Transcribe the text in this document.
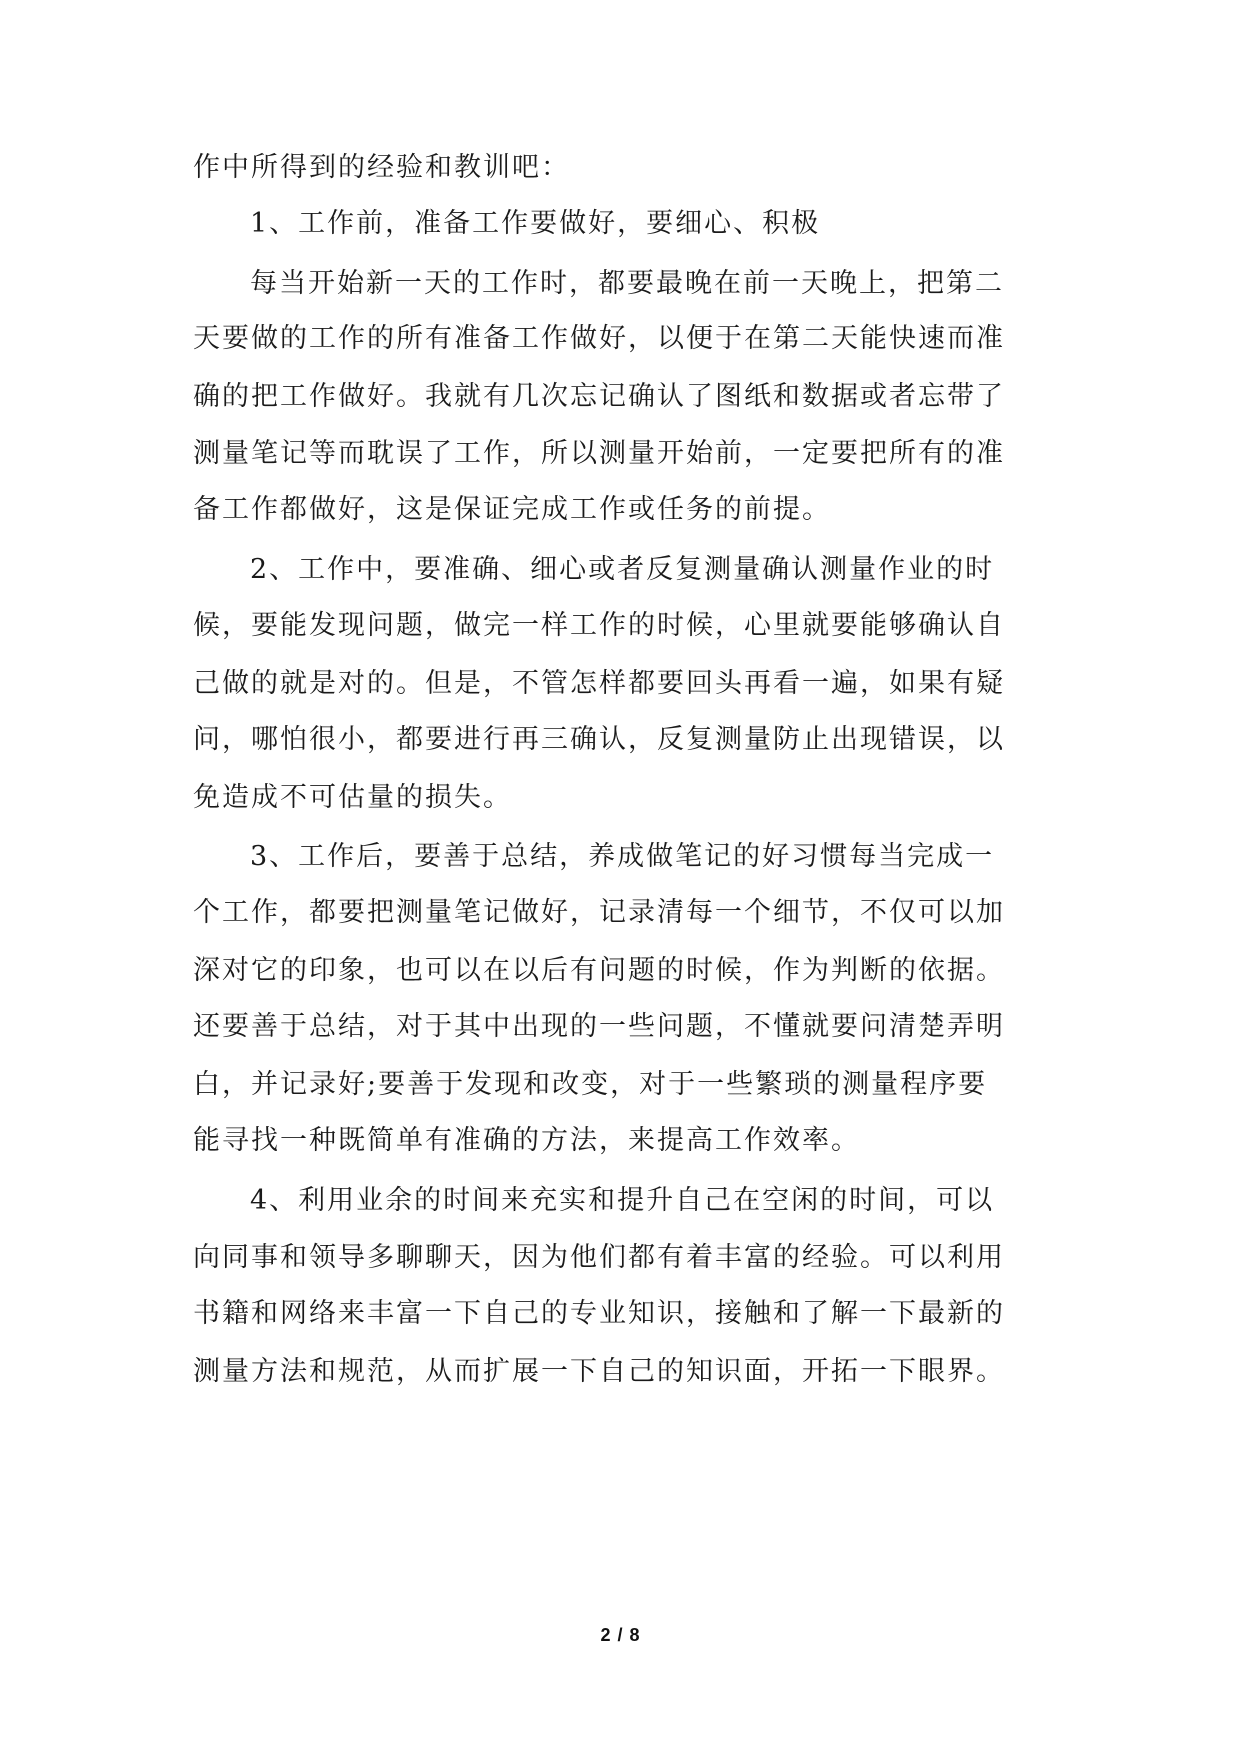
作中所得到的经验和教训吧：
1、工作前，准备工作要做好，要细心、积极
每当开始新一天的工作时，都要最晚在前一天晚上，把第二
天要做的工作的所有准备工作做好，以便于在第二天能快速而准
确的把工作做好。我就有几次忘记确认了图纸和数据或者忘带了
测量笔记等而耽误了工作，所以测量开始前，一定要把所有的准
备工作都做好，这是保证完成工作或任务的前提。
2、工作中，要准确、细心或者反复测量确认测量作业的时
候，要能发现问题，做完一样工作的时候，心里就要能够确认自
己做的就是对的。但是，不管怎样都要回头再看一遍，如果有疑
问，哪怕很小，都要进行再三确认，反复测量防止出现错误，以
免造成不可估量的损失。
3、工作后，要善于总结，养成做笔记的好习惯每当完成一
个工作，都要把测量笔记做好，记录清每一个细节，不仅可以加
深对它的印象，也可以在以后有问题的时候，作为判断的依据。
还要善于总结，对于其中出现的一些问题，不懂就要问清楚弄明
白，并记录好;要善于发现和改变，对于一些繁琐的测量程序要
能寻找一种既简单有准确的方法，来提高工作效率。
4、利用业余的时间来充实和提升自己在空闲的时间，可以
向同事和领导多聊聊天，因为他们都有着丰富的经验。可以利用
书籍和网络来丰富一下自己的专业知识，接触和了解一下最新的
测量方法和规范，从而扩展一下自己的知识面，开拓一下眼界。
2 / 8
